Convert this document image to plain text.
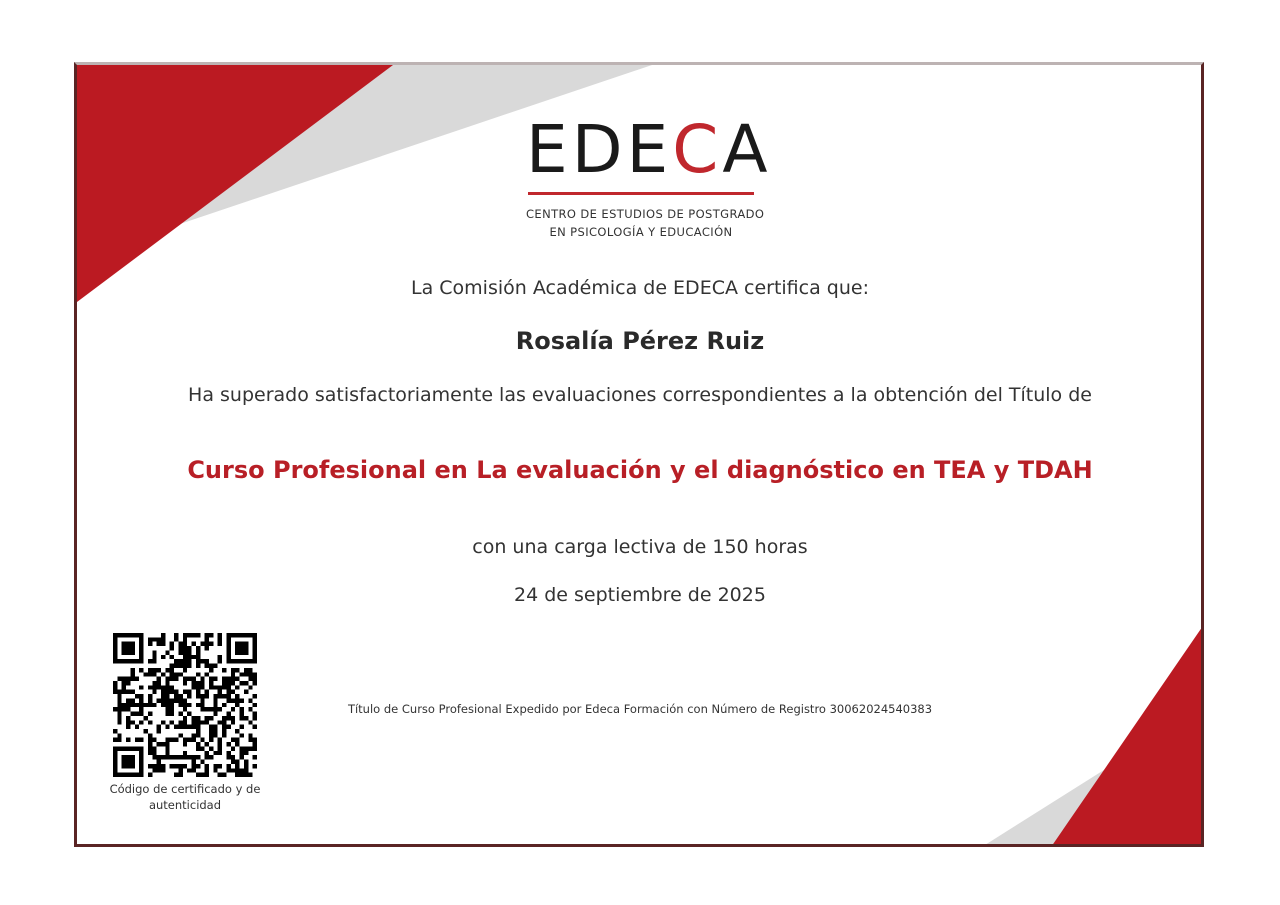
EDECA
CENTRO DE ESTUDIOS DE POSTGRADO
EN PSICOLOGÍA Y EDUCACIÓN
La Comisión Académica de EDECA certifica que:
Rosalía Pérez Ruiz
Ha superado satisfactoriamente las evaluaciones correspondientes a la obtención del Título de
Curso Profesional en La evaluación y el diagnóstico en TEA y TDAH
con una carga lectiva de 150 horas
24 de septiembre de 2025
Título de Curso Profesional Expedido por Edeca Formación con Número de Registro 30062024540383
Código de certificado y de
autenticidad
